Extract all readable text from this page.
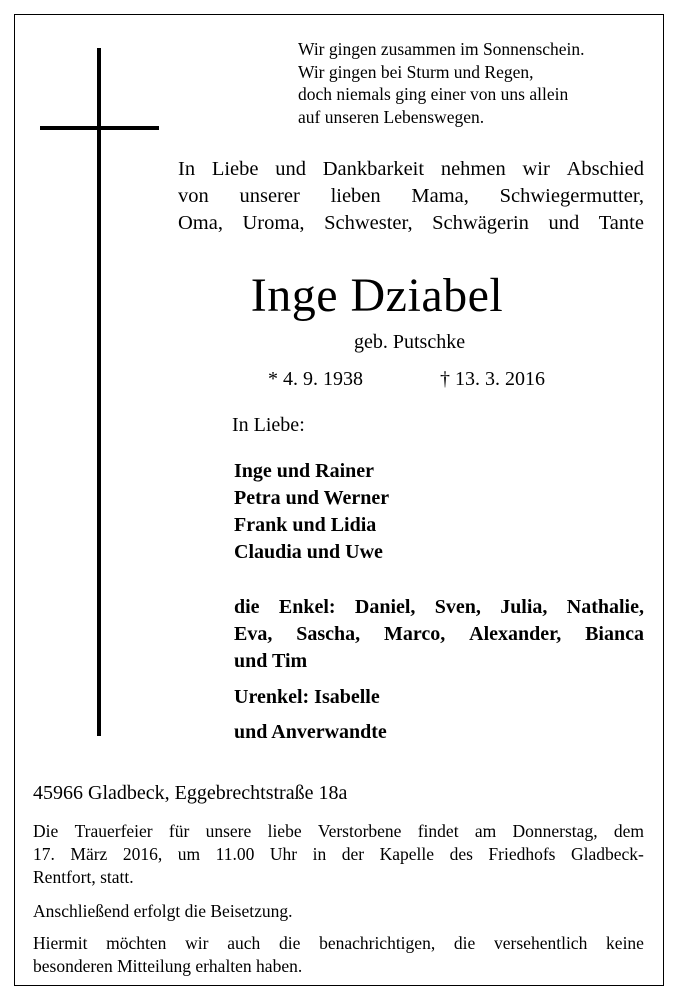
Wir gingen zusammen im Sonnenschein.
Wir gingen bei Sturm und Regen,
doch niemals ging einer von uns allein
auf unseren Lebenswegen.
In Liebe und Dankbarkeit nehmen wir Abschied
von unserer lieben Mama, Schwiegermutter,
Oma, Uroma, Schwester, Schwägerin und Tante
Inge Dziabel
geb. Putschke
* 4. 9. 1938	† 13. 3. 2016
In Liebe:
Inge und Rainer
Petra und Werner
Frank und Lidia
Claudia und Uwe
die Enkel: Daniel, Sven, Julia, Nathalie,
Eva, Sascha, Marco, Alexander, Bianca
und Tim
Urenkel: Isabelle
und Anverwandte
45966 Gladbeck, Eggebrechtstraße 18a
Die Trauerfeier für unsere liebe Verstorbene findet am Donnerstag, dem
17. März 2016, um 11.00 Uhr in der Kapelle des Friedhofs Gladbeck-
Rentfort, statt.
Anschließend erfolgt die Beisetzung.
Hiermit möchten wir auch die benachrichtigen, die versehentlich keine
besonderen Mitteilung erhalten haben.
